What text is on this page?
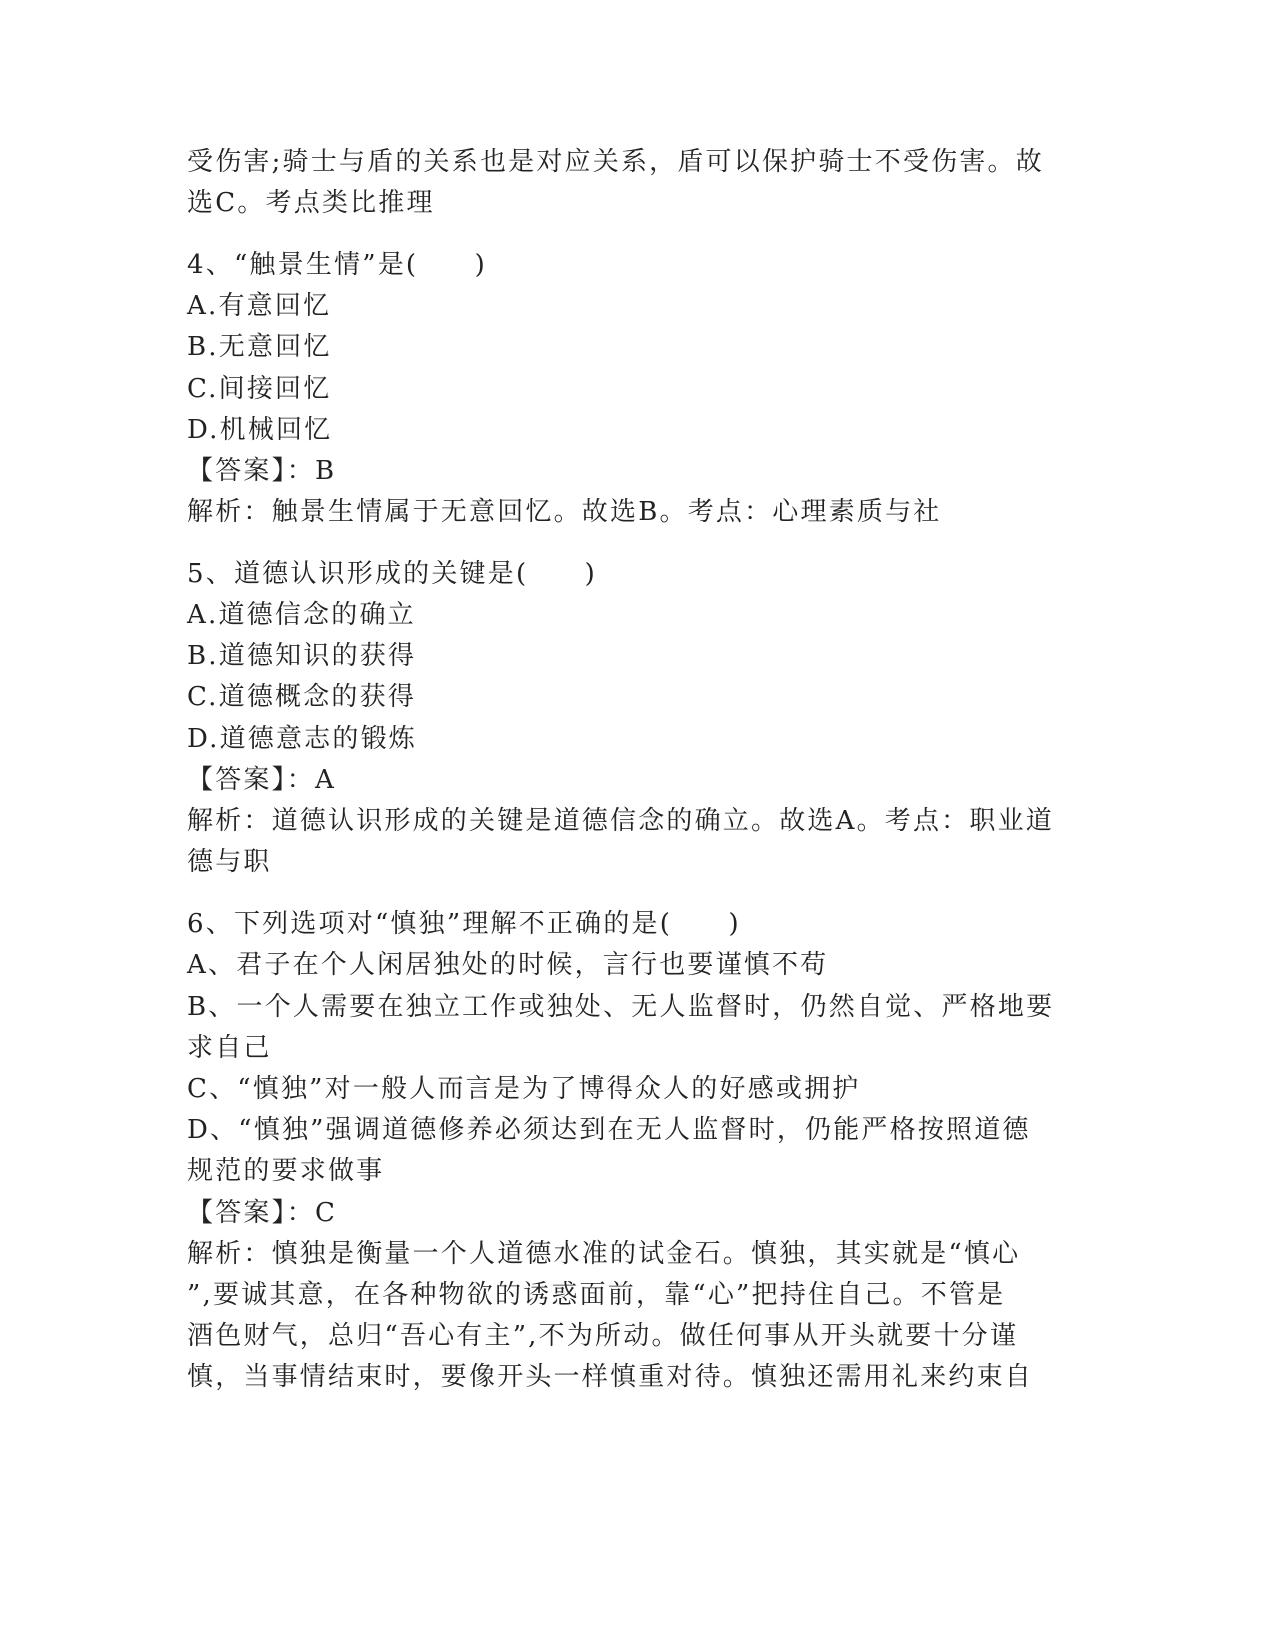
受伤害;骑士与盾的关系也是对应关系，盾可以保护骑士不受伤害。故
选C。考点类比推理
4、“触景生情”是(　　)
A.有意回忆
B.无意回忆
C.间接回忆
D.机械回忆
【答案】：B
解析：触景生情属于无意回忆。故选B。考点：心理素质与社
5、道德认识形成的关键是(　　)
A.道德信念的确立
B.道德知识的获得
C.道德概念的获得
D.道德意志的锻炼
【答案】：A
解析：道德认识形成的关键是道德信念的确立。故选A。考点：职业道
德与职
6、下列选项对“慎独”理解不正确的是(　　)
A、君子在个人闲居独处的时候，言行也要谨慎不苟
B、一个人需要在独立工作或独处、无人监督时，仍然自觉、严格地要
求自己
C、“慎独”对一般人而言是为了博得众人的好感或拥护
D、“慎独”强调道德修养必须达到在无人监督时，仍能严格按照道德
规范的要求做事
【答案】：C
解析：慎独是衡量一个人道德水准的试金石。慎独，其实就是“慎心
”,要诚其意，在各种物欲的诱惑面前，靠“心”把持住自己。不管是
酒色财气，总归“吾心有主”,不为所动。做任何事从开头就要十分谨
慎，当事情结束时，要像开头一样慎重对待。慎独还需用礼来约束自
